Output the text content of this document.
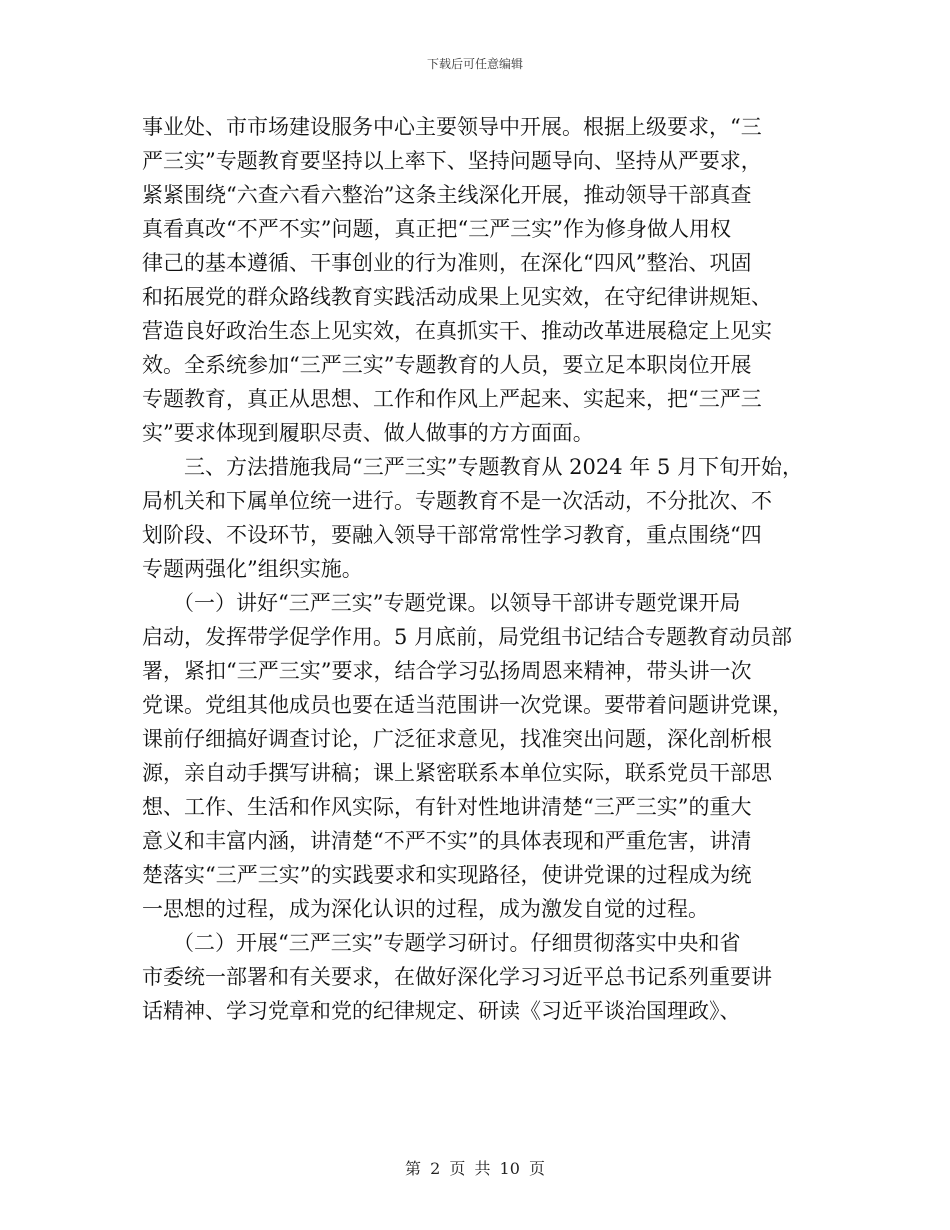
下载后可任意编辑
事业处、市市场建设服务中心主要领导中开展。根据上级要求，“三
严三实”专题教育要坚持以上率下、坚持问题导向、坚持从严要求，
紧紧围绕“六查六看六整治”这条主线深化开展，推动领导干部真查
真看真改“不严不实”问题，真正把“三严三实”作为修身做人用权
律己的基本遵循、干事创业的行为准则，在深化“四风”整治、巩固
和拓展党的群众路线教育实践活动成果上见实效，在守纪律讲规矩、
营造良好政治生态上见实效，在真抓实干、推动改革进展稳定上见实
效。全系统参加“三严三实”专题教育的人员，要立足本职岗位开展
专题教育，真正从思想、工作和作风上严起来、实起来，把“三严三
实”要求体现到履职尽责、做人做事的方方面面。
三、方法措施我局“三严三实”专题教育从 2024 年 5 月下旬开始，
局机关和下属单位统一进行。专题教育不是一次活动，不分批次、不
划阶段、不设环节，要融入领导干部常常性学习教育，重点围绕“四
专题两强化”组织实施。
（一）讲好“三严三实”专题党课。以领导干部讲专题党课开局
启动，发挥带学促学作用。5 月底前，局党组书记结合专题教育动员部
署，紧扣“三严三实”要求，结合学习弘扬周恩来精神，带头讲一次
党课。党组其他成员也要在适当范围讲一次党课。要带着问题讲党课，
课前仔细搞好调查讨论，广泛征求意见，找准突出问题，深化剖析根
源，亲自动手撰写讲稿；课上紧密联系本单位实际，联系党员干部思
想、工作、生活和作风实际，有针对性地讲清楚“三严三实”的重大
意义和丰富内涵，讲清楚“不严不实”的具体表现和严重危害，讲清
楚落实“三严三实”的实践要求和实现路径，使讲党课的过程成为统
一思想的过程，成为深化认识的过程，成为激发自觉的过程。
（二）开展“三严三实”专题学习研讨。仔细贯彻落实中央和省
市委统一部署和有关要求，在做好深化学习习近平总书记系列重要讲
话精神、学习党章和党的纪律规定、研读《习近平谈治国理政》、
第 2 页 共 10 页
